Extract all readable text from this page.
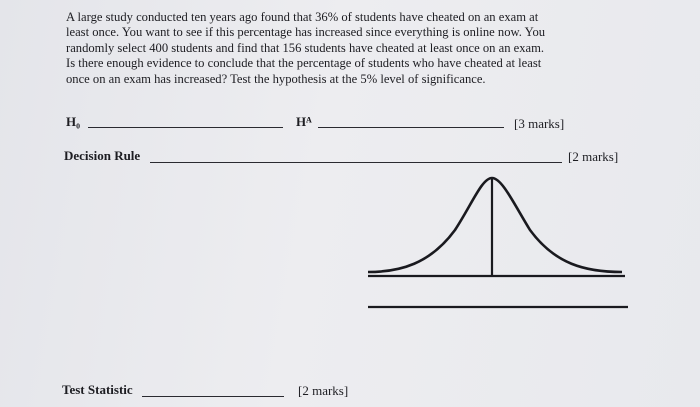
A large study conducted ten years ago found that 36% of students have cheated on an exam at

least once. You want to see if this percentage has increased since everything is online now. You

randomly select 400 students and find that 156 students have cheated at least once on an exam.

Is there enough evidence to conclude that the percentage of students who have cheated at least

once on an exam has increased? Test the hypothesis at the 5% level of significance.

H₀	Hᴬ	[3 marks]
Decision Rule	[2 marks]
Test Statistic	[2 marks]
